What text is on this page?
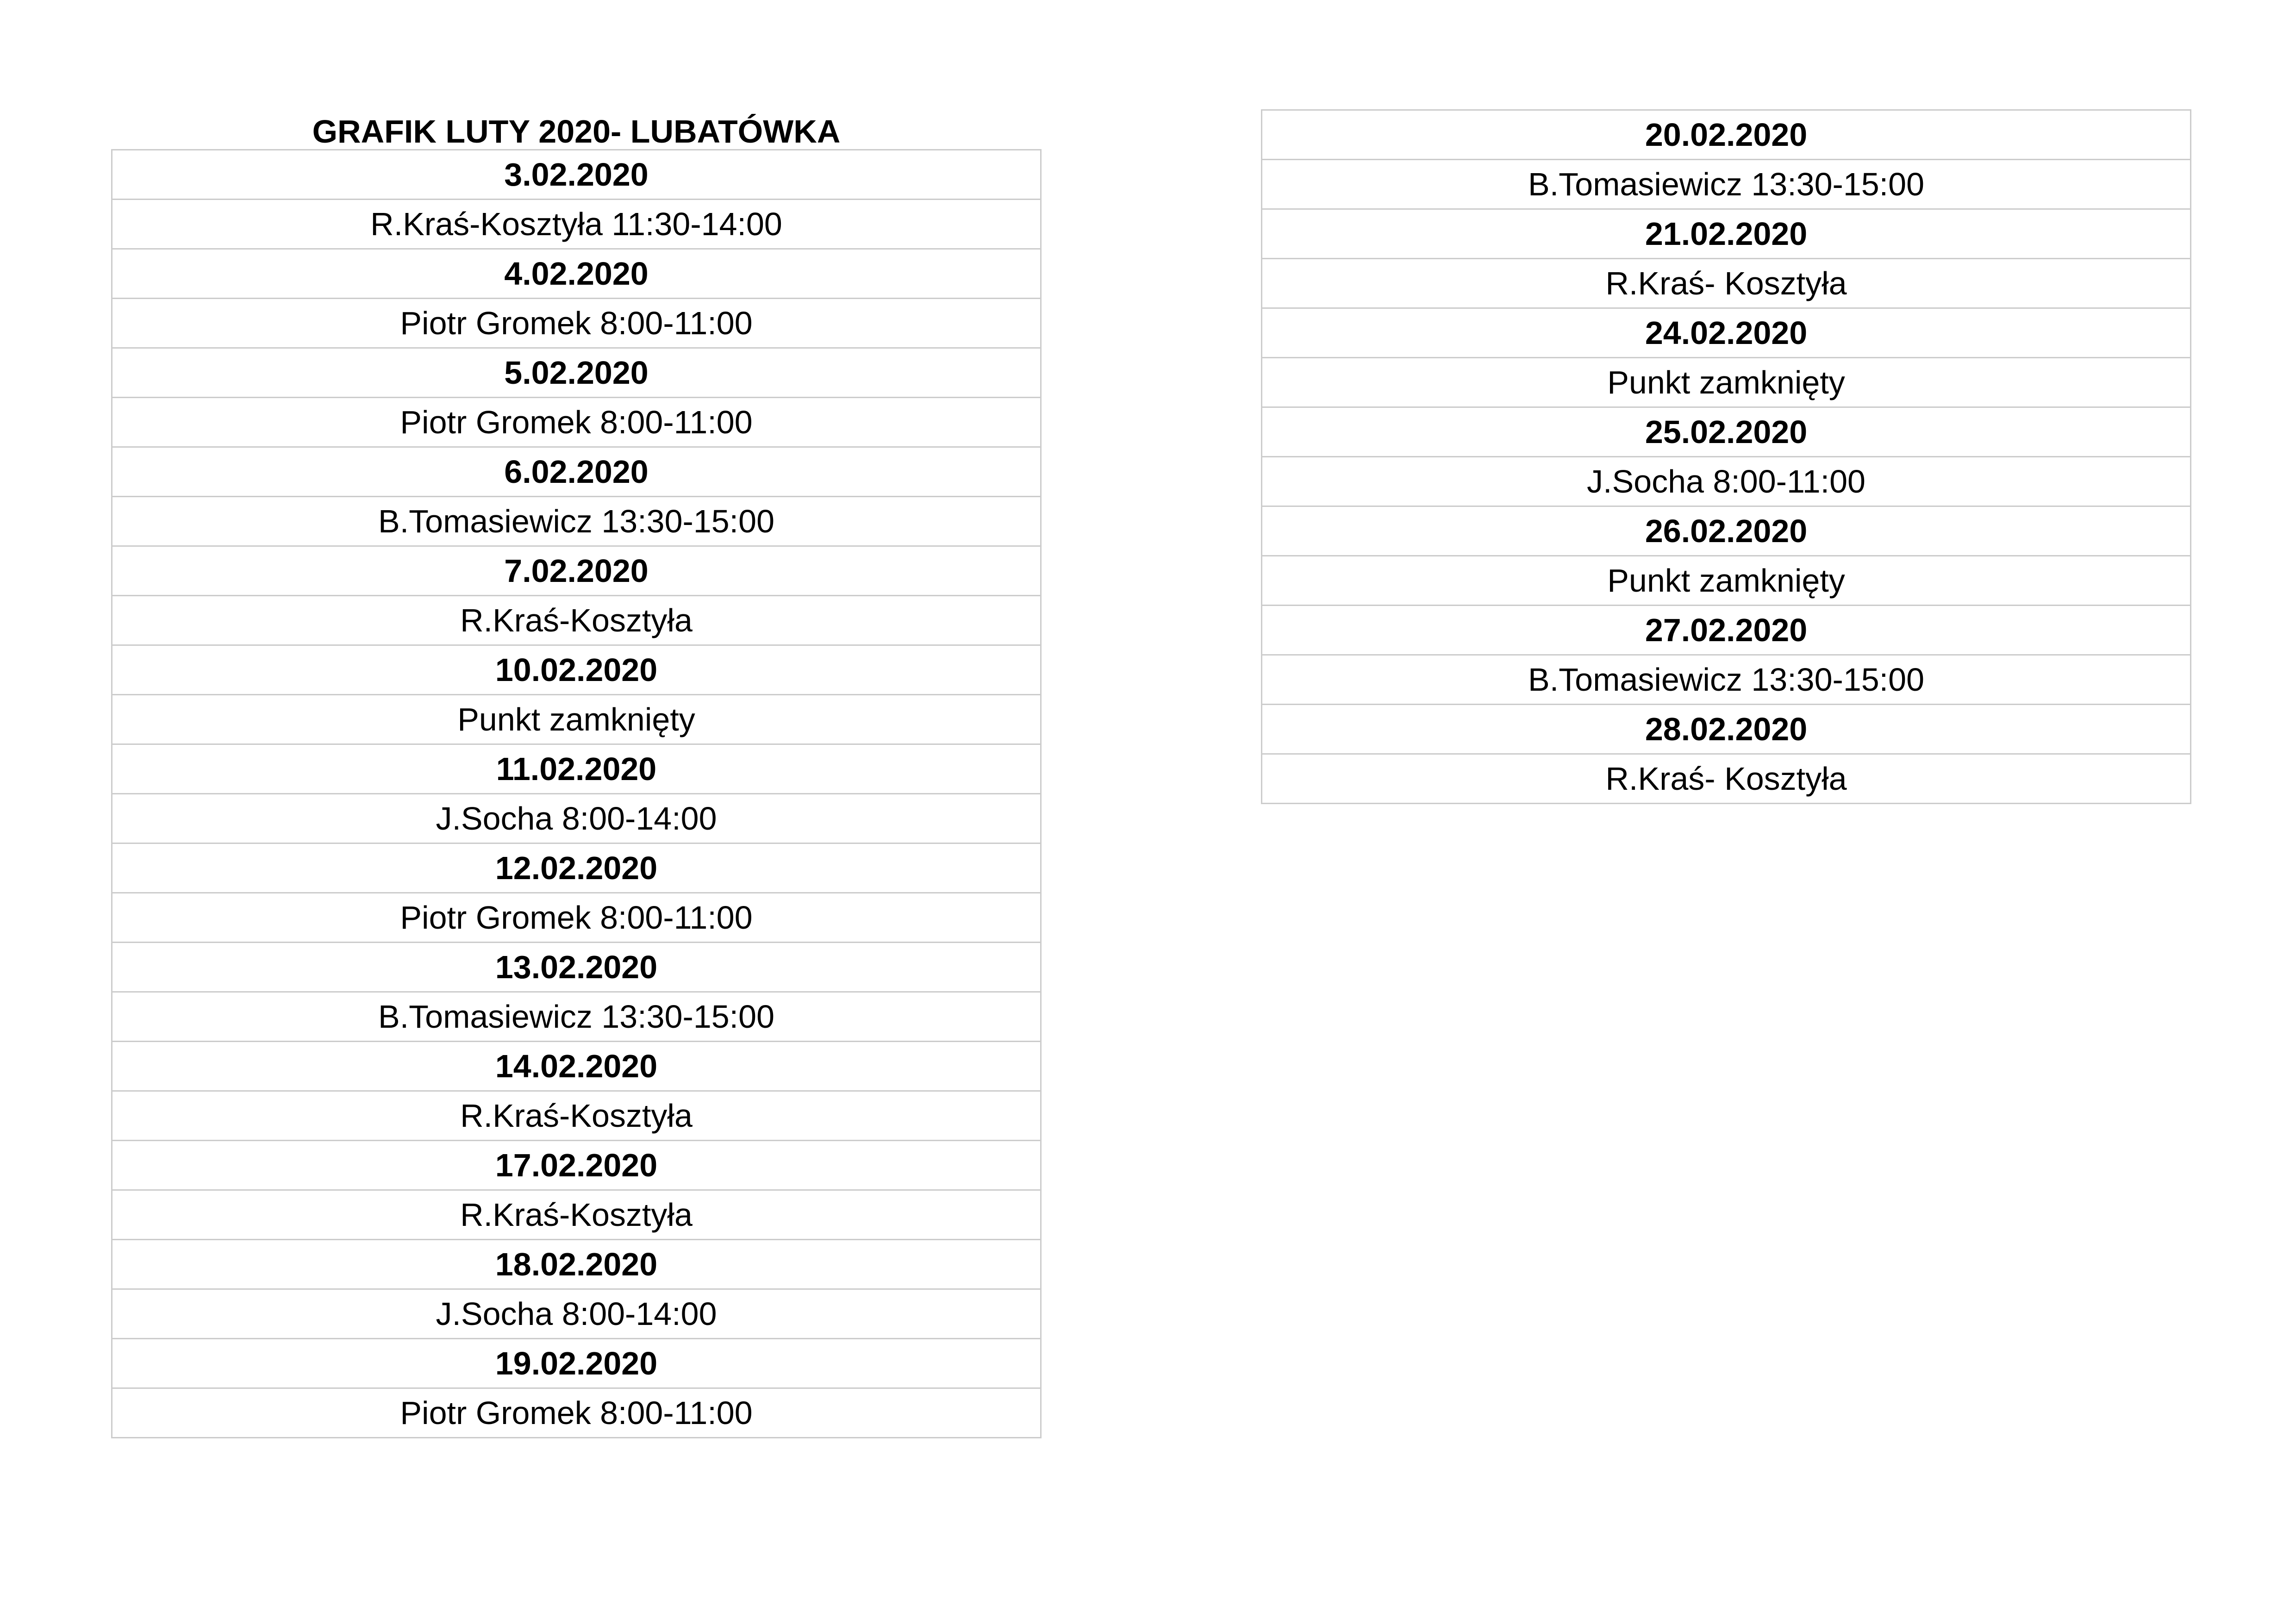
GRAFIK LUTY 2020- LUBATÓWKA
3.02.2020
R.Kraś-Kosztyła 11:30-14:00
4.02.2020
Piotr Gromek 8:00-11:00
5.02.2020
Piotr Gromek 8:00-11:00
6.02.2020
B.Tomasiewicz 13:30-15:00
7.02.2020
R.Kraś-Kosztyła
10.02.2020
Punkt zamknięty
11.02.2020
J.Socha 8:00-14:00
12.02.2020
Piotr Gromek 8:00-11:00
13.02.2020
B.Tomasiewicz 13:30-15:00
14.02.2020
R.Kraś-Kosztyła
17.02.2020
R.Kraś-Kosztyła
18.02.2020
J.Socha 8:00-14:00
19.02.2020
Piotr Gromek 8:00-11:00
20.02.2020
B.Tomasiewicz 13:30-15:00
21.02.2020
R.Kraś- Kosztyła
24.02.2020
Punkt zamknięty
25.02.2020
J.Socha 8:00-11:00
26.02.2020
Punkt zamknięty
27.02.2020
B.Tomasiewicz 13:30-15:00
28.02.2020
R.Kraś- Kosztyła
